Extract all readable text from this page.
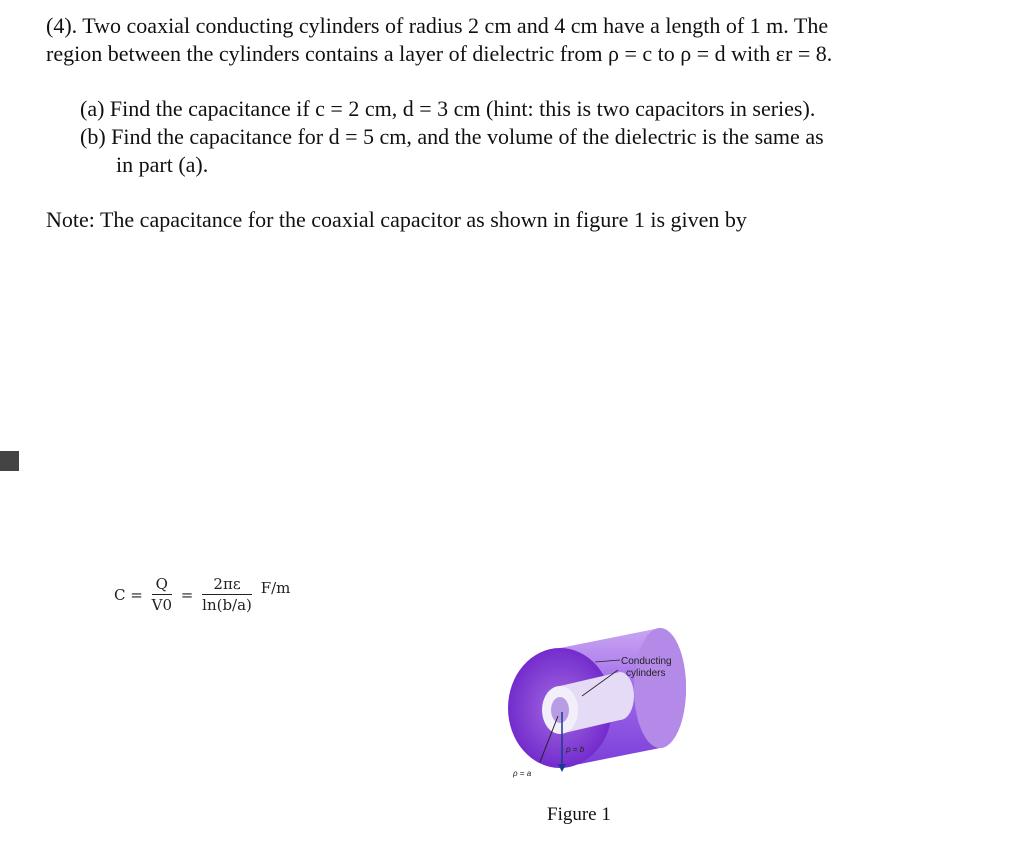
(4). Two coaxial conducting cylinders of radius 2 cm and 4 cm have a length of 1 m. The
region between the cylinders contains a layer of dielectric from ρ = c to ρ = d with εr = 8.
(a) Find the capacitance if c = 2 cm, d = 3 cm (hint: this is two capacitors in series).
(b) Find the capacitance for d = 5 cm, and the volume of the dielectric is the same as
in part (a).
Note: The capacitance for the coaxial capacitor as shown in figure 1 is given by
$C = \frac{Q}{V0} = \frac{2\pi\varepsilon}{\ln(b/a)} F/m$
Conducting
cylinders
ρ = b
ρ = a
Figure 1
